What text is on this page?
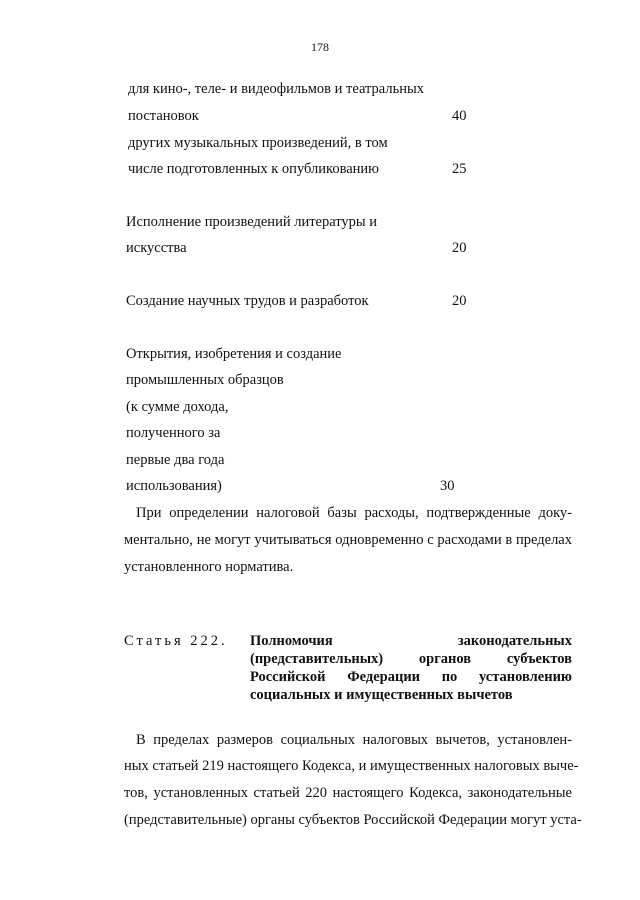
178
для кино-, теле- и видеофильмов и театральных
постановок	40
других музыкальных произведений, в том
числе подготовленных к опубликованию	25
Исполнение произведений литературы и
искусства	20
Создание научных трудов и разработок	20
Открытия, изобретения и создание
промышленных образцов
(к сумме дохода,
полученного за
первые два года
использования)	30
При определении налоговой базы расходы, подтвержденные доку-
ментально, не могут учитываться одновременно с расходами в пределах
установленного норматива.
Статья 222. Полномочия законодательных
(представительных) органов субъектов
Российской Федерации по установлению
социальных и имущественных вычетов
В пределах размеров социальных налоговых вычетов, установлен-
ных статьей 219 настоящего Кодекса, и имущественных налоговых выче-
тов, установленных статьей 220 настоящего Кодекса, законодательные
(представительные) органы субъектов Российской Федерации могут уста-
